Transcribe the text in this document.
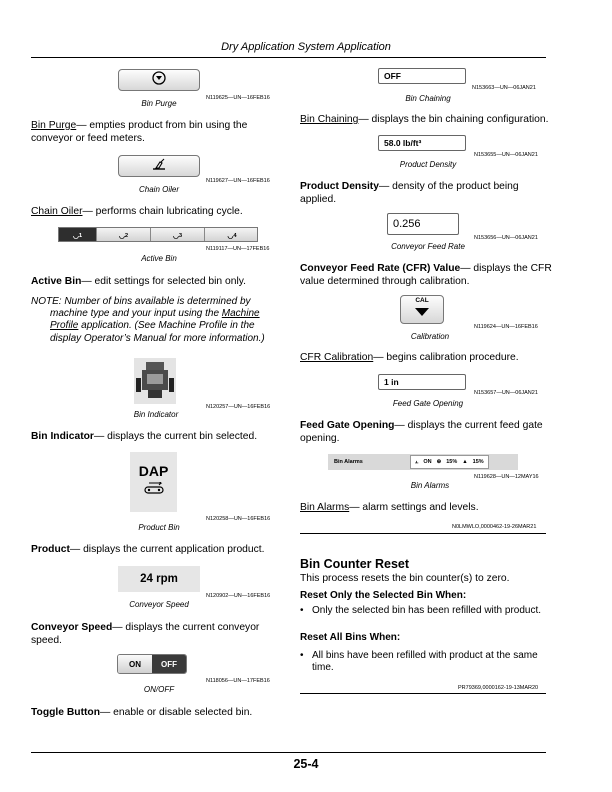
Dry Application System Application
Bin Purge
N119625—UN—16FEB16
Bin Purge— empties product from bin using the conveyor or feed meters.
Chain Oiler
N119627—UN—16FEB16
Chain Oiler— performs chain lubricating cycle.
◡ 1	◡ 2	◡ 3	◡ 4
Active Bin
N119117—UN—17FEB16
Active Bin— edit settings for selected bin only.
NOTE: Number of bins available is determined by
machine type and your input using the Machine
Profile application. (See Machine Profile in the
display Operator’s Manual for more information.)
Bin Indicator
N120257—UN—16FEB16
Bin Indicator— displays the current bin selected.
DAP
Product Bin
N120258—UN—16FEB16
Product— displays the current application product.
24 rpm
Conveyor Speed
N120902—UN—16FEB16
Conveyor Speed— displays the current conveyor speed.
ON	OFF
ON/OFF
N118056—UN—17FEB16
Toggle Button— enable or disable selected bin.
OFF
N153663—UN—06JAN21
Bin Chaining
Bin Chaining— displays the bin chaining configuration.
58.0 lb/ft³
Product Density
N153655—UN—06JAN21
Product Density— density of the product being applied.
0.256
Conveyor Feed Rate
N153656—UN—06JAN21
Conveyor Feed Rate (CFR) Value— displays the CFR value determined through calibration.
CAL
N119624—UN—16FEB16
Calibration
CFR Calibration— begins calibration procedure.
1 in
N153657—UN—06JAN21
Feed Gate Opening
Feed Gate Opening— displays the current feed gate opening.
Bin Alarms	⫠ ON ⊕ 15% ▲ 15%
N119628—UN—12MAY16
Bin Alarms
Bin Alarms— alarm settings and levels.
N0LMWLO,0000462-19-26MAR21
Bin Counter Reset
This process resets the bin counter(s) to zero.
Reset Only the Selected Bin When:
• Only the selected bin has been refilled with product.
Reset All Bins When:
• All bins have been refilled with product at the same
time.
PR79369,0000162-19-13MAR20
25-4
